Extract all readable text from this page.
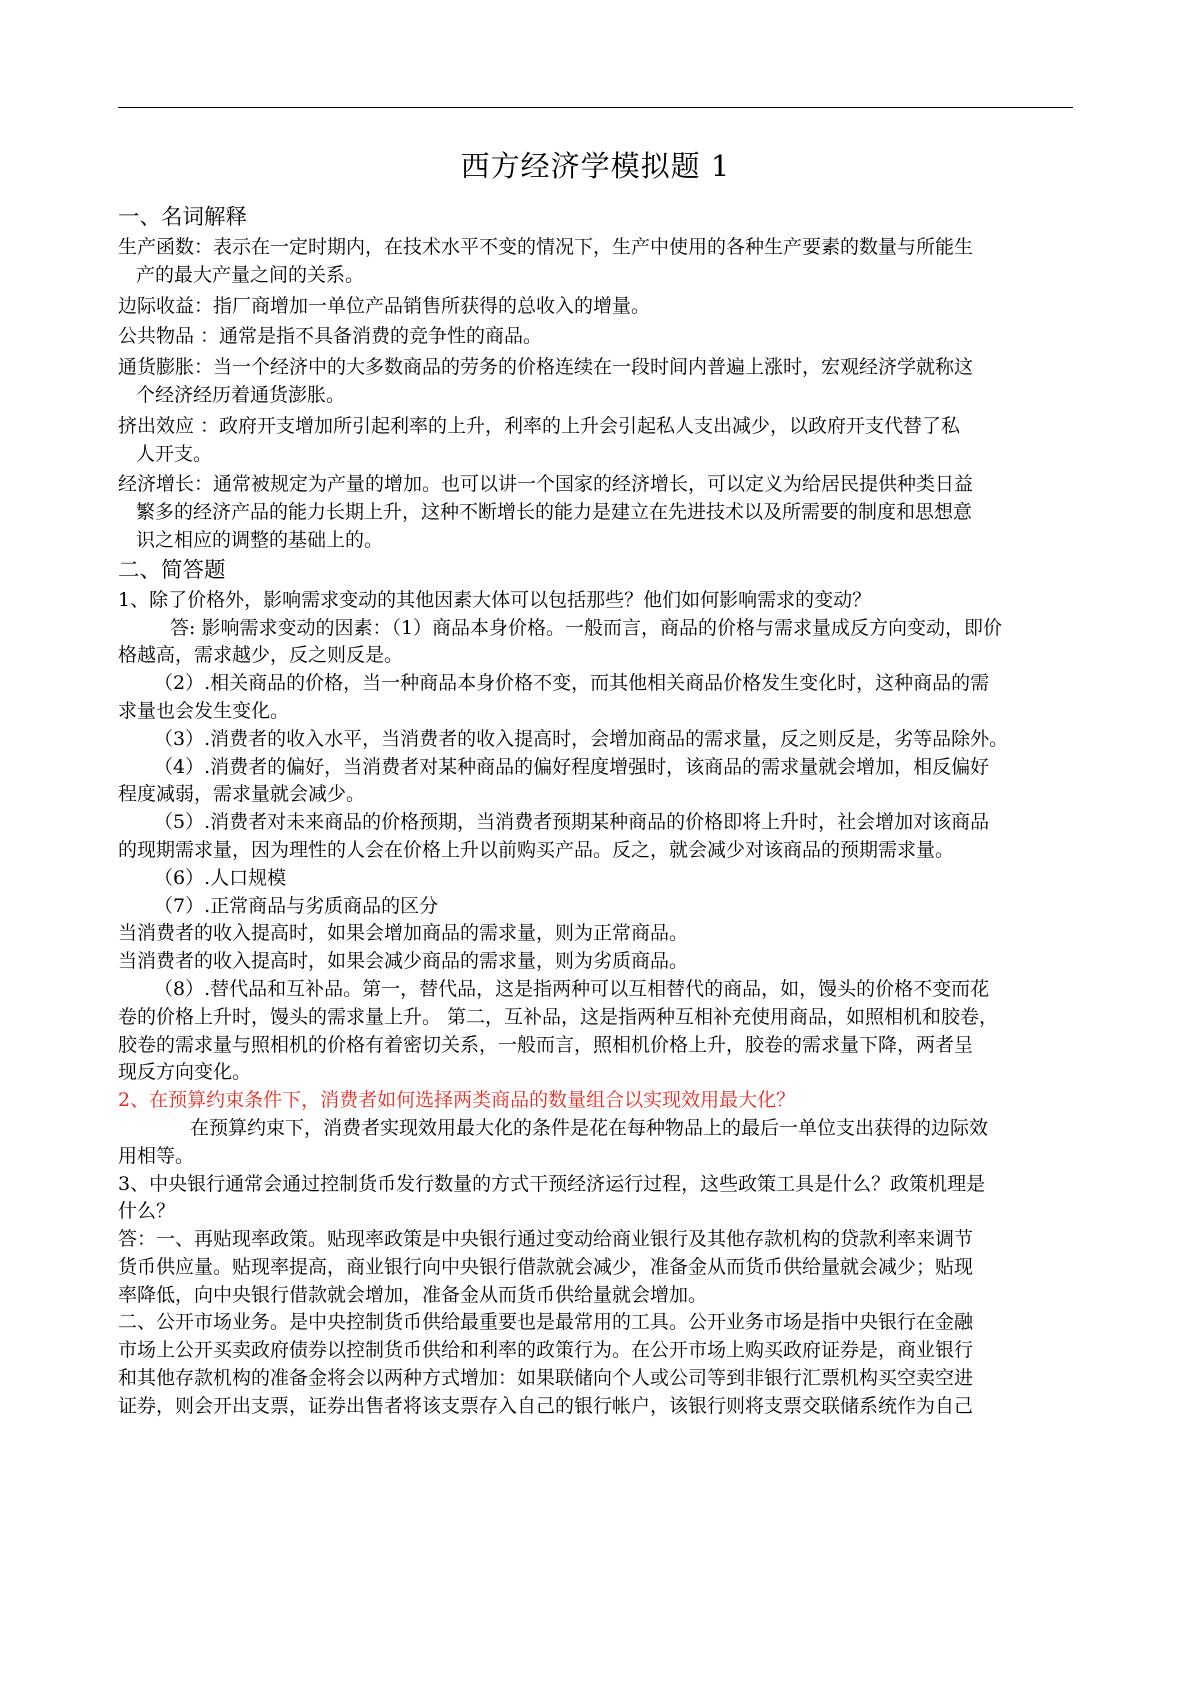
西方经济学模拟题 1
一、名词解释
生产函数：表示在一定时期内，在技术水平不变的情况下，生产中使用的各种生产要素的数量与所能生
产的最大产量之间的关系。
边际收益：指厂商增加一单位产品销售所获得的总收入的增量。
公共物品 ：通常是指不具备消费的竞争性的商品。
通货膨胀：当一个经济中的大多数商品的劳务的价格连续在一段时间内普遍上涨时，宏观经济学就称这
个经济经历着通货澎胀。
挤出效应 ：政府开支增加所引起利率的上升，利率的上升会引起私人支出减少，以政府开支代替了私
人开支。
经济增长：通常被规定为产量的增加。也可以讲一个国家的经济增长，可以定义为给居民提供种类日益
繁多的经济产品的能力长期上升，这种不断增长的能力是建立在先进技术以及所需要的制度和思想意
识之相应的调整的基础上的。
二、简答题
1、除了价格外，影响需求变动的其他因素大体可以包括那些？他们如何影响需求的变动？
答: 影响需求变动的因素：（1）商品本身价格。一般而言，商品的价格与需求量成反方向变动，即价
格越高，需求越少，反之则反是。
（2）.相关商品的价格，当一种商品本身价格不变，而其他相关商品价格发生变化时，这种商品的需
求量也会发生变化。
（3）.消费者的收入水平，当消费者的收入提高时，会增加商品的需求量，反之则反是，劣等品除外。
（4）.消费者的偏好，当消费者对某种商品的偏好程度增强时，该商品的需求量就会增加，相反偏好
程度减弱，需求量就会减少。
（5）.消费者对未来商品的价格预期，当消费者预期某种商品的价格即将上升时，社会增加对该商品
的现期需求量，因为理性的人会在价格上升以前购买产品。反之，就会减少对该商品的预期需求量。
（6）.人口规模
（7）.正常商品与劣质商品的区分
当消费者的收入提高时，如果会增加商品的需求量，则为正常商品。
当消费者的收入提高时，如果会减少商品的需求量，则为劣质商品。
（8）.替代品和互补品。第一，替代品，这是指两种可以互相替代的商品，如，馒头的价格不变而花
卷的价格上升时，馒头的需求量上升。 第二，互补品，这是指两种互相补充使用商品，如照相机和胶卷，
胶卷的需求量与照相机的价格有着密切关系，一般而言，照相机价格上升，胶卷的需求量下降，两者呈
现反方向变化。
2、在预算约束条件下，消费者如何选择两类商品的数量组合以实现效用最大化？
在预算约束下，消费者实现效用最大化的条件是花在每种物品上的最后一单位支出获得的边际效
用相等。
3、中央银行通常会通过控制货币发行数量的方式干预经济运行过程，这些政策工具是什么？政策机理是
什么？
答：一、再贴现率政策。贴现率政策是中央银行通过变动给商业银行及其他存款机构的贷款利率来调节
货币供应量。贴现率提高，商业银行向中央银行借款就会减少，准备金从而货币供给量就会减少；贴现
率降低，向中央银行借款就会增加，准备金从而货币供给量就会增加。
二、公开市场业务。是中央控制货币供给最重要也是最常用的工具。公开业务市场是指中央银行在金融
市场上公开买卖政府债券以控制货币供给和利率的政策行为。在公开市场上购买政府证券是，商业银行
和其他存款机构的准备金将会以两种方式增加：如果联储向个人或公司等到非银行汇票机构买空卖空进
证券，则会开出支票，证券出售者将该支票存入自己的银行帐户，该银行则将支票交联储系统作为自己
